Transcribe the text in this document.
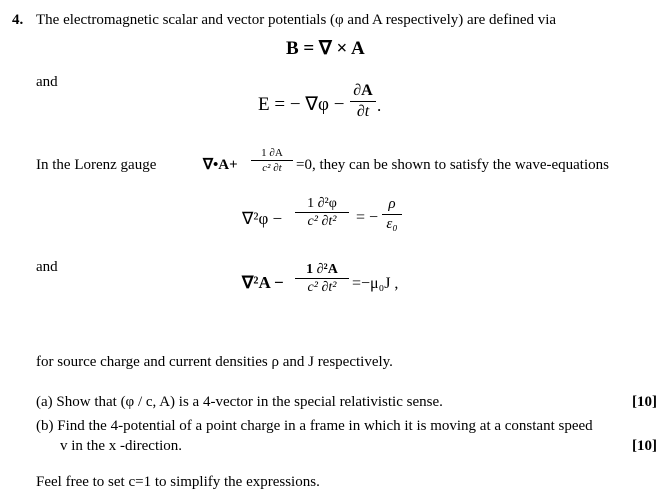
4. The electromagnetic scalar and vector potentials (φ and A respectively) are defined via
B = ∇ × A
and
E = − ∇φ −
∂A
∂t .
In the Lorenz gauge	∇•A+
1 ∂A
c² ∂t =0, they can be shown to satisfy the wave-equations
∇²φ −
1 ∂²φ
c² ∂t²	= −
ρ
ε₀
and
∇²A −
1 ∂²A
c² ∂t² =−μ₀J ,
for source charge and current densities ρ and J respectively.
(a) Show that (φ / c, A) is a 4-vector in the special relativistic sense.	[10]
(b) Find the 4-potential of a point charge in a frame in which it is moving at a constant speed
v in the x -direction.	[10]
Feel free to set c=1 to simplify the expressions.
